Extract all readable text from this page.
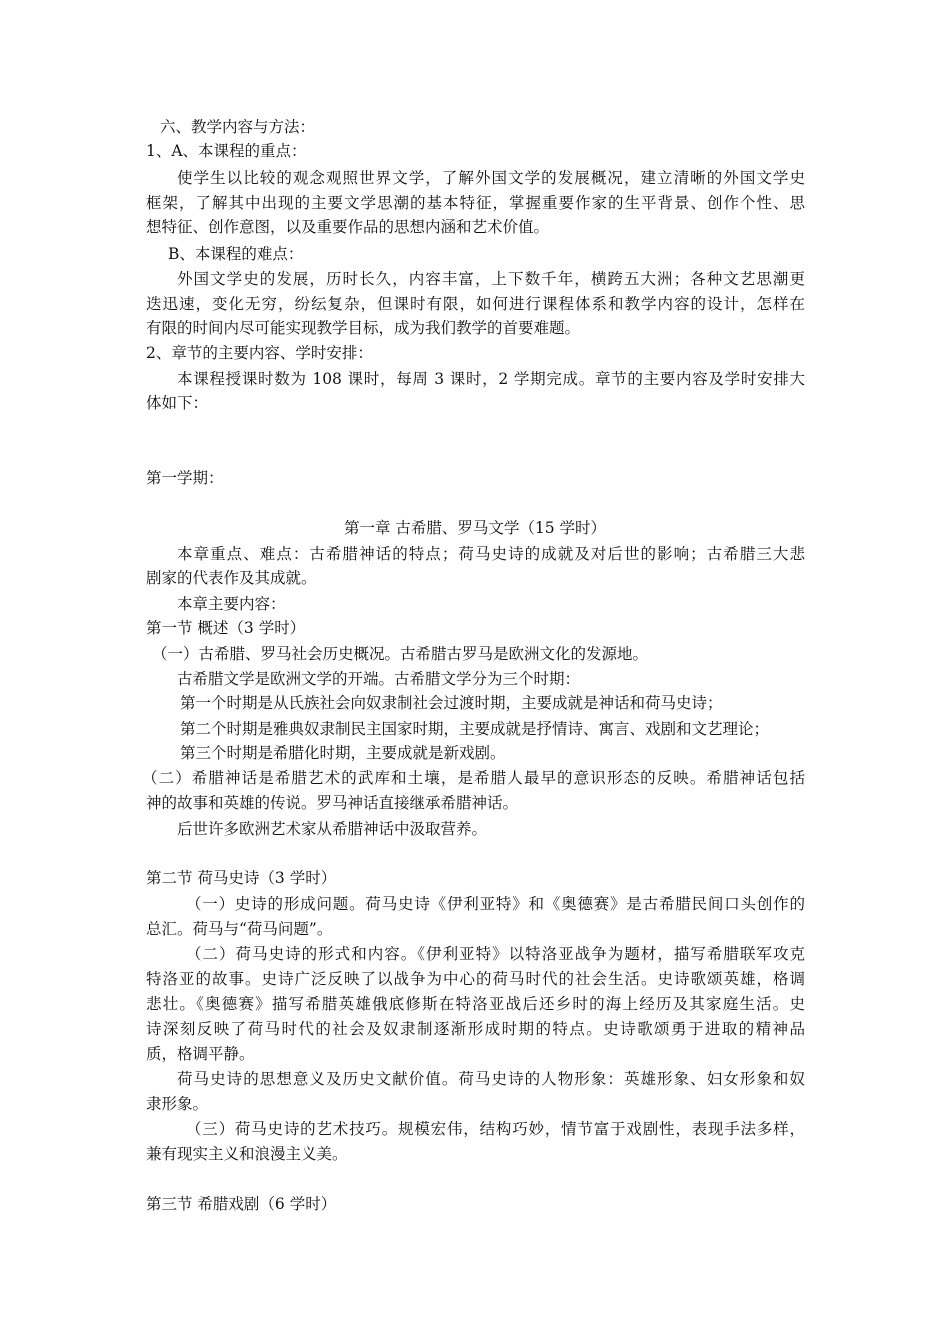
六、教学内容与方法：
1、A、本课程的重点：
使学生以比较的观念观照世界文学，了解外国文学的发展概况，建立清晰的外国文学史
框架，了解其中出现的主要文学思潮的基本特征，掌握重要作家的生平背景、创作个性、思
想特征、创作意图，以及重要作品的思想内涵和艺术价值。
B、本课程的难点：
外国文学史的发展，历时长久，内容丰富，上下数千年，横跨五大洲；各种文艺思潮更
迭迅速，变化无穷，纷纭复杂，但课时有限，如何进行课程体系和教学内容的设计，怎样在
有限的时间内尽可能实现教学目标，成为我们教学的首要难题。
2、章节的主要内容、学时安排：
本课程授课时数为 108 课时，每周 3 课时，2 学期完成。章节的主要内容及学时安排大
体如下：
第一学期：
第一章 古希腊、罗马文学（15 学时）
本章重点、难点：古希腊神话的特点；荷马史诗的成就及对后世的影响；古希腊三大悲
剧家的代表作及其成就。
本章主要内容：
第一节 概述（3 学时）
（一）古希腊、罗马社会历史概况。古希腊古罗马是欧洲文化的发源地。
古希腊文学是欧洲文学的开端。古希腊文学分为三个时期：
第一个时期是从氏族社会向奴隶制社会过渡时期，主要成就是神话和荷马史诗；
第二个时期是雅典奴隶制民主国家时期，主要成就是抒情诗、寓言、戏剧和文艺理论；
第三个时期是希腊化时期，主要成就是新戏剧。
（二）希腊神话是希腊艺术的武库和土壤，是希腊人最早的意识形态的反映。希腊神话包括
神的故事和英雄的传说。罗马神话直接继承希腊神话。
后世许多欧洲艺术家从希腊神话中汲取营养。
第二节 荷马史诗（3 学时）
（一）史诗的形成问题。荷马史诗《伊利亚特》和《奥德赛》是古希腊民间口头创作的
总汇。荷马与“荷马问题”。
（二）荷马史诗的形式和内容。《伊利亚特》以特洛亚战争为题材，描写希腊联军攻克
特洛亚的故事。史诗广泛反映了以战争为中心的荷马时代的社会生活。史诗歌颂英雄，格调
悲壮。《奥德赛》描写希腊英雄俄底修斯在特洛亚战后还乡时的海上经历及其家庭生活。史
诗深刻反映了荷马时代的社会及奴隶制逐渐形成时期的特点。史诗歌颂勇于进取的精神品
质，格调平静。
荷马史诗的思想意义及历史文献价值。荷马史诗的人物形象：英雄形象、妇女形象和奴
隶形象。
（三）荷马史诗的艺术技巧。规模宏伟，结构巧妙，情节富于戏剧性，表现手法多样，
兼有现实主义和浪漫主义美。
第三节 希腊戏剧（6 学时）
